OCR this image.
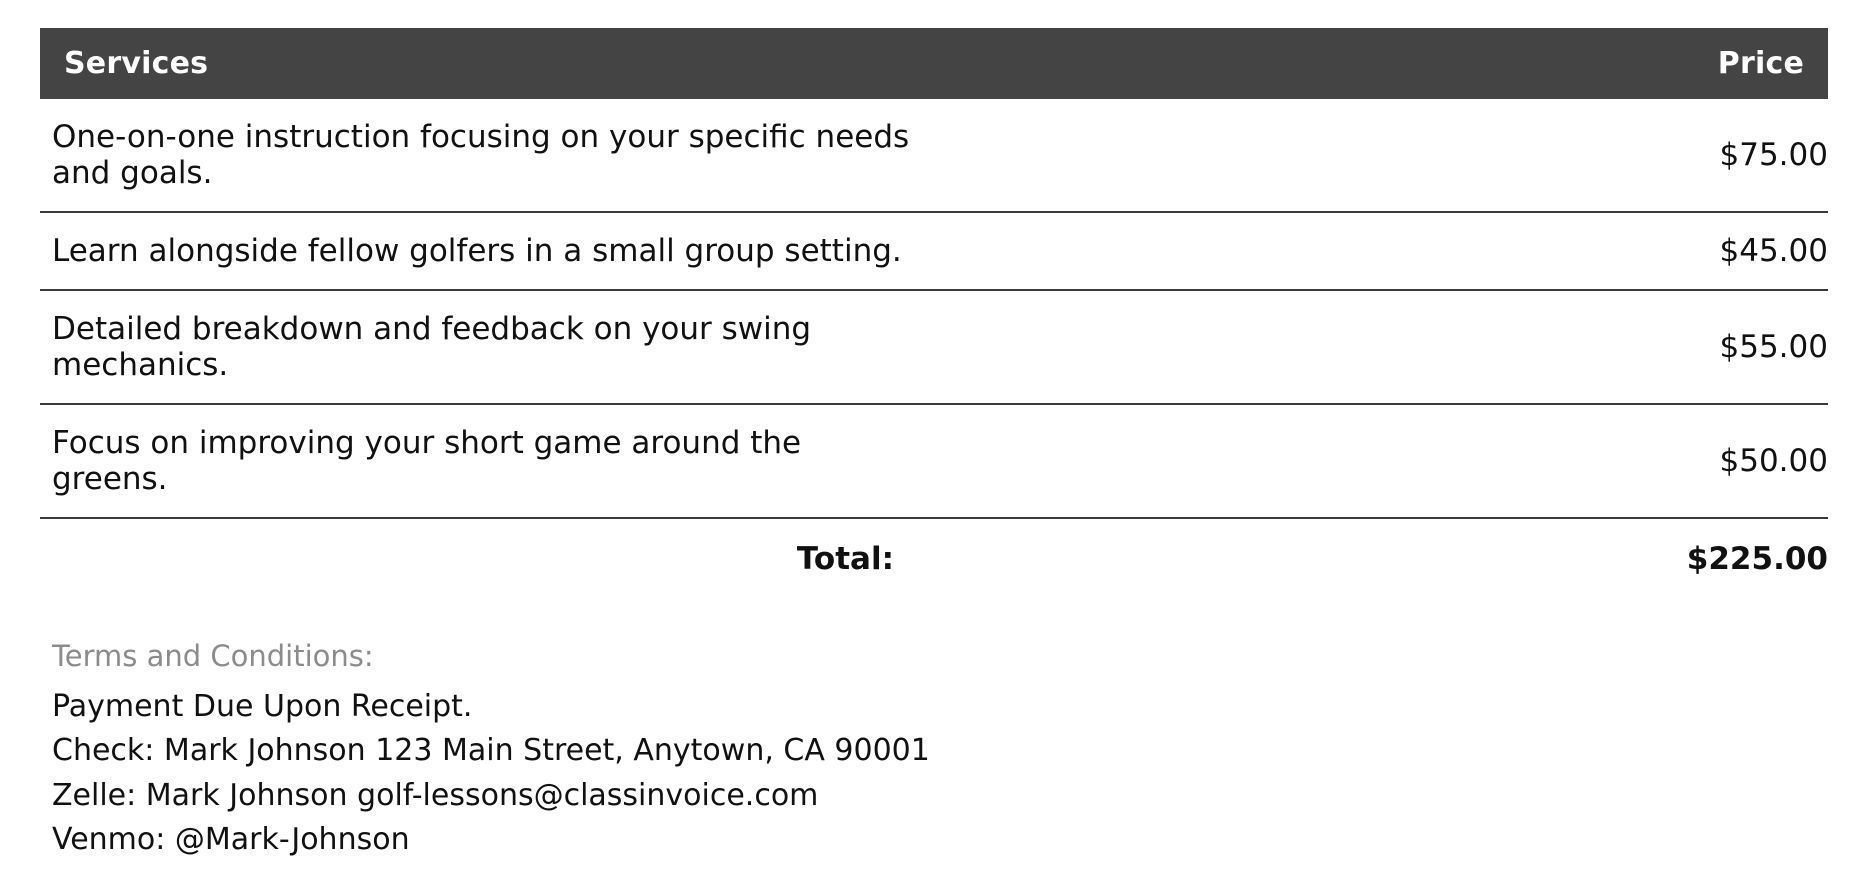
Services	Price
One-on-one instruction focusing on your specific needs and goals.	$75.00
Learn alongside fellow golfers in a small group setting.	$45.00
Detailed breakdown and feedback on your swing mechanics.	$55.00
Focus on improving your short game around the greens.	$50.00
Total:	$225.00
Terms and Conditions:
Payment Due Upon Receipt.
Check: Mark Johnson 123 Main Street, Anytown, CA 90001
Zelle: Mark Johnson golf-lessons@classinvoice.com
Venmo: @Mark-Johnson
